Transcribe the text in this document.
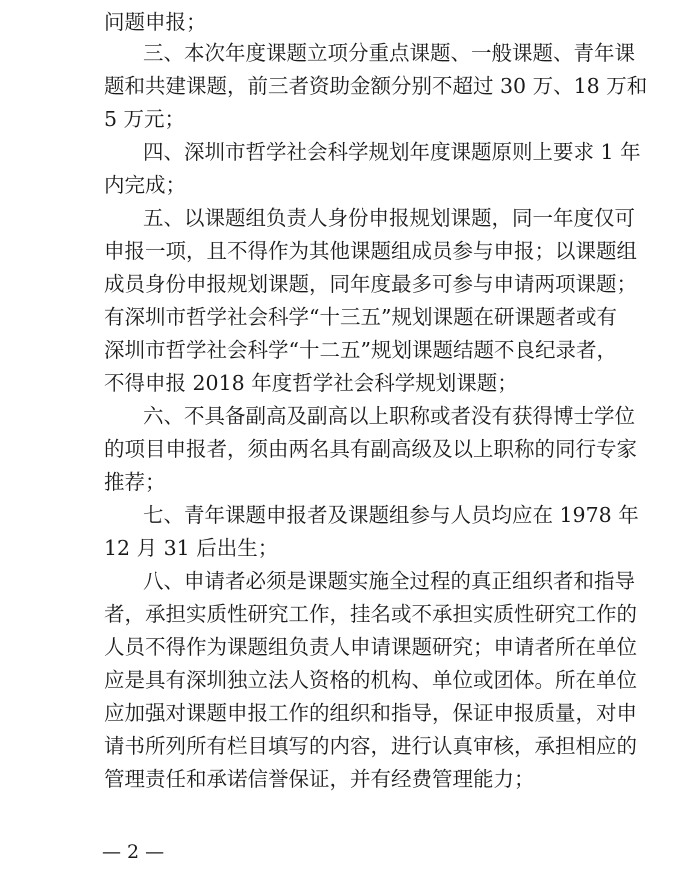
问题申报；
三、本次年度课题立项分重点课题、一般课题、青年课
题和共建课题，前三者资助金额分别不超过 30 万、18 万和
5 万元；
四、深圳市哲学社会科学规划年度课题原则上要求 1 年
内完成；
五、以课题组负责人身份申报规划课题，同一年度仅可
申报一项，且不得作为其他课题组成员参与申报；以课题组
成员身份申报规划课题，同年度最多可参与申请两项课题；
有深圳市哲学社会科学“十三五”规划课题在研课题者或有
深圳市哲学社会科学“十二五”规划课题结题不良纪录者，
不得申报 2018 年度哲学社会科学规划课题；
六、不具备副高及副高以上职称或者没有获得博士学位
的项目申报者，须由两名具有副高级及以上职称的同行专家
推荐；
七、青年课题申报者及课题组参与人员均应在 1978 年
12 月 31 后出生；
八、申请者必须是课题实施全过程的真正组织者和指导
者，承担实质性研究工作，挂名或不承担实质性研究工作的
人员不得作为课题组负责人申请课题研究；申请者所在单位
应是具有深圳独立法人资格的机构、单位或团体。所在单位
应加强对课题申报工作的组织和指导，保证申报质量，对申
请书所列所有栏目填写的内容，进行认真审核，承担相应的
管理责任和承诺信誉保证，并有经费管理能力；
— 2 —
